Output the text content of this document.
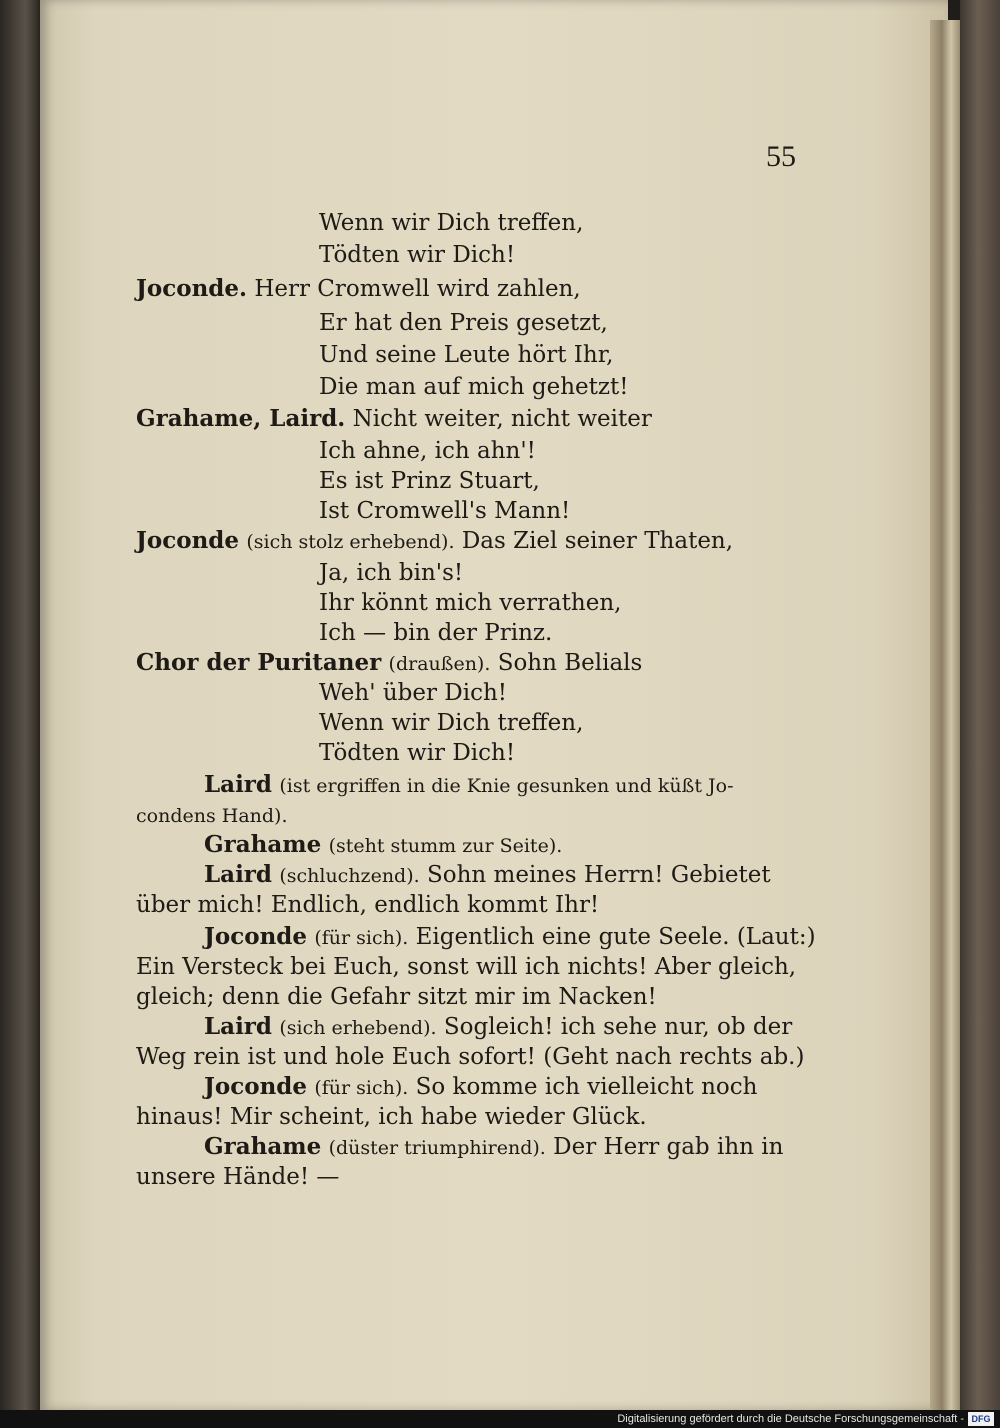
55
Wenn wir Dich treffen,
Tödten wir Dich!
Joconde. Herr Cromwell wird zahlen,
Er hat den Preis gesetzt,
Und seine Leute hört Ihr,
Die man auf mich gehetzt!
Grahame, Laird. Nicht weiter, nicht weiter
Ich ahne, ich ahn'!
Es ist Prinz Stuart,
Ist Cromwell's Mann!
Joconde (sich stolz erhebend). Das Ziel seiner Thaten,
Ja, ich bin's!
Ihr könnt mich verrathen,
Ich — bin der Prinz.
Chor der Puritaner (draußen). Sohn Belials
Weh' über Dich!
Wenn wir Dich treffen,
Tödten wir Dich!
Laird (ist ergriffen in die Knie gesunken und küßt Jo-
condens Hand).
Grahame (steht stumm zur Seite).
Laird (schluchzend). Sohn meines Herrn! Gebietet
über mich! Endlich, endlich kommt Ihr!
Joconde (für sich). Eigentlich eine gute Seele. (Laut:)
Ein Versteck bei Euch, sonst will ich nichts! Aber gleich,
gleich; denn die Gefahr sitzt mir im Nacken!
Laird (sich erhebend). Sogleich! ich sehe nur, ob der
Weg rein ist und hole Euch sofort! (Geht nach rechts ab.)
Joconde (für sich). So komme ich vielleicht noch
hinaus! Mir scheint, ich habe wieder Glück.
Grahame (düster triumphirend). Der Herr gab ihn in
unsere Hände! —
Digitalisierung gefördert durch die Deutsche Forschungsgemeinschaft - DFG
